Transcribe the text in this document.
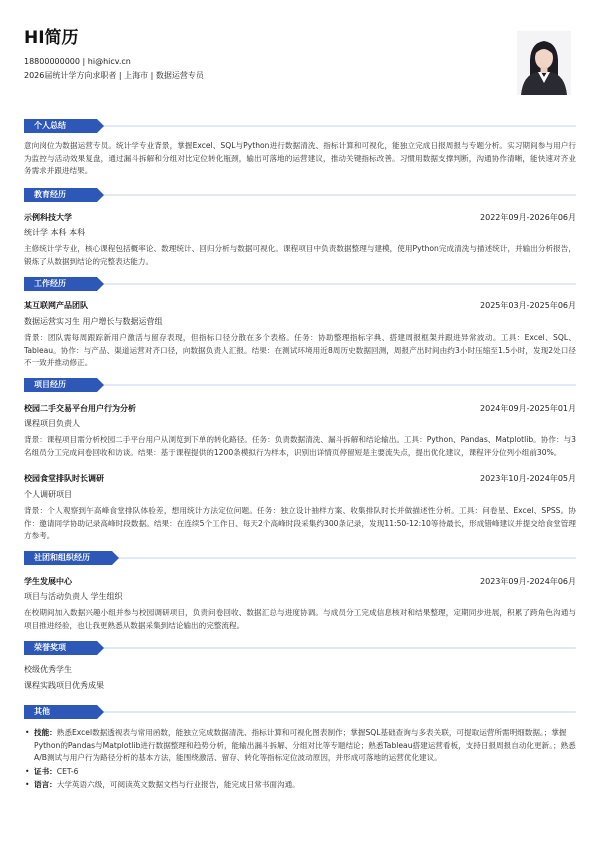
HI简历
18800000000 | hi@hicv.cn
2026届统计学方向求职者 | 上海市 | 数据运营专员
个人总结
意向岗位为数据运营专员。统计学专业背景，掌握Excel、SQL与Python进行数据清洗、指标计算和可视化，能独立完成日报周报与专题分析。实习期间参与用户行为监控与活动效果复盘，通过漏斗拆解和分组对比定位转化瓶颈，输出可落地的运营建议，推动关键指标改善。习惯用数据支撑判断，沟通协作清晰，能快速对齐业务需求并跟进结果。
教育经历
示例科技大学	2022年09月-2026年06月
统计学 本科 本科
主修统计学专业，核心课程包括概率论、数理统计、回归分析与数据可视化。课程项目中负责数据整理与建模，使用Python完成清洗与描述统计，并输出分析报告，锻炼了从数据到结论的完整表达能力。
工作经历
某互联网产品团队	2025年03月-2025年06月
数据运营实习生 用户增长与数据运营组
背景：团队需每周跟踪新用户激活与留存表现，但指标口径分散在多个表格。任务：协助整理指标字典、搭建周报框架并跟进异常波动。工具：Excel、SQL、Tableau。协作：与产品、渠道运营对齐口径，向数据负责人汇报。结果：在测试环境用近8周历史数据回测，周报产出时间由约3小时压缩至1.5小时，发现2处口径不一致并推动修正。
项目经历
校园二手交易平台用户行为分析	2024年09月-2025年01月
课程项目负责人
背景：课程项目需分析校园二手平台用户从浏览到下单的转化路径。任务：负责数据清洗、漏斗拆解和结论输出。工具：Python、Pandas、Matplotlib。协作：与3名组员分工完成问卷回收和访谈。结果：基于课程提供的1200条模拟行为样本，识别出详情页停留短是主要流失点，提出优化建议，课程评分位列小组前30%。
校园食堂排队时长调研	2023年10月-2024年05月
个人调研项目
背景：个人观察到午高峰食堂排队体验差，想用统计方法定位问题。任务：独立设计抽样方案、收集排队时长并做描述性分析。工具：问卷星、Excel、SPSS。协作：邀请同学协助记录高峰时段数据。结果：在连续5个工作日、每天2个高峰时段采集约300条记录，发现11:50-12:10等待最长，形成错峰建议并提交给食堂管理方参考。
社团和组织经历
学生发展中心	2023年09月-2024年06月
项目与活动负责人 学生组织
在校期间加入数据兴趣小组并参与校园调研项目，负责问卷回收、数据汇总与进度协调。与成员分工完成信息核对和结果整理，定期同步进展，积累了跨角色沟通与项目推进经验，也让我更熟悉从数据采集到结论输出的完整流程。
荣誉奖项
校级优秀学生
课程实践项目优秀成果
其他
• 技能：熟悉Excel数据透视表与常用函数，能独立完成数据清洗、指标计算和可视化图表制作；掌握SQL基础查询与多表关联，可提取运营所需明细数据。；掌握Python的Pandas与Matplotlib进行数据整理和趋势分析，能输出漏斗拆解、分组对比等专题结论；熟悉Tableau搭建运营看板，支持日报周报自动化更新。；熟悉A/B测试与用户行为路径分析的基本方法，能围绕激活、留存、转化等指标定位波动原因，并形成可落地的运营优化建议。
• 证书：CET-6
• 语言：大学英语六级，可阅读英文数据文档与行业报告，能完成日常书面沟通。
